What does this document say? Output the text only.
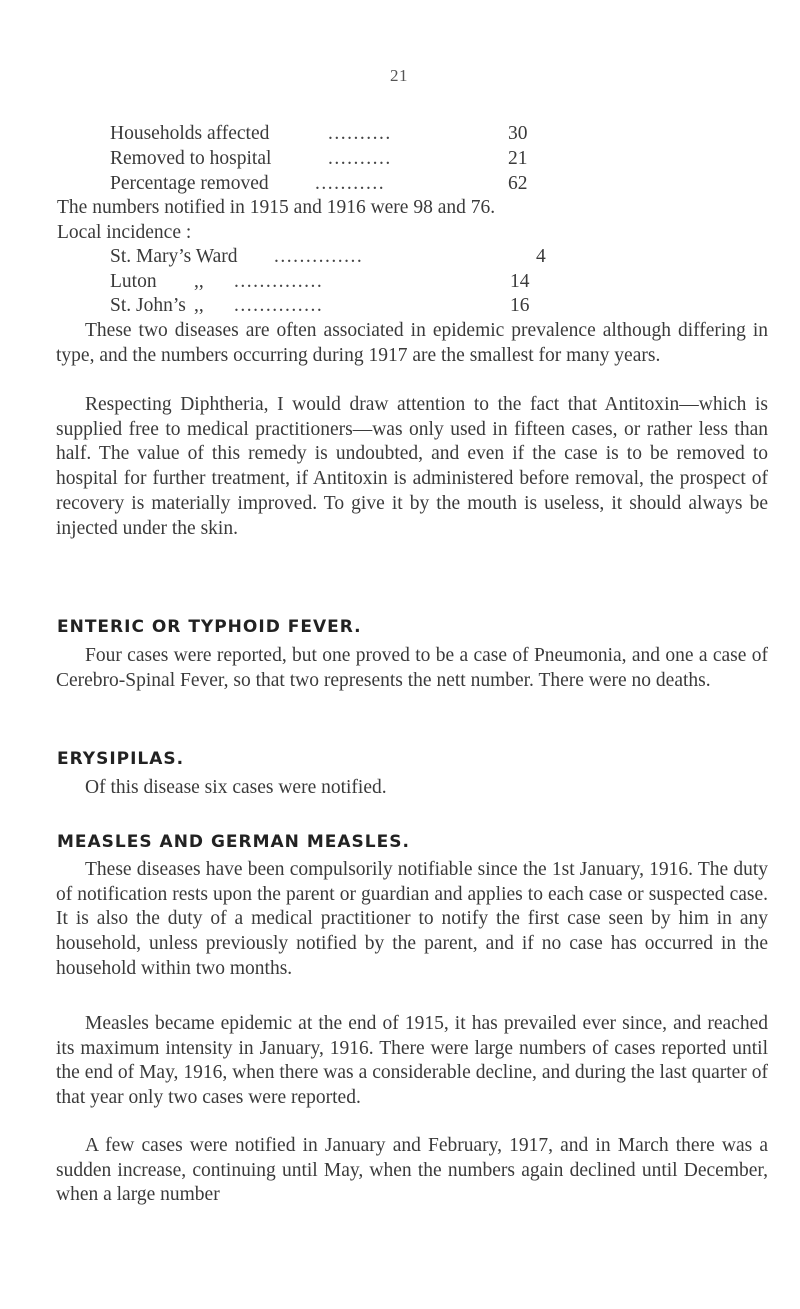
21
Households affected	..........	30
Removed to hospital	..........	21
Percentage removed ...........	62
The numbers notified in 1915 and 1916 were 98 and 76.
Local incidence :
St. Mary’s Ward ..............	4
Luton ,, ..............	14
St. John’s ,, ..............	16
These two diseases are often associated in epidemic prevalence although differing in type, and the numbers occurring during 1917 are the smallest for many years.
Respecting Diphtheria, I would draw attention to the fact that Antitoxin—which is supplied free to medical practitioners—was only used in fifteen cases, or rather less than half. The value of this remedy is undoubted, and even if the case is to be removed to hospital for further treatment, if Antitoxin is administered before removal, the prospect of recovery is materially improved. To give it by the mouth is useless, it should always be injected under the skin.
ENTERIC OR TYPHOID FEVER.
Four cases were reported, but one proved to be a case of Pneumonia, and one a case of Cerebro-Spinal Fever, so that two represents the nett number. There were no deaths.
ERYSIPILAS.
Of this disease six cases were notified.
MEASLES AND GERMAN MEASLES.
These diseases have been compulsorily notifiable since the 1st January, 1916. The duty of notification rests upon the parent or guardian and applies to each case or suspected case. It is also the duty of a medical practitioner to notify the first case seen by him in any household, unless previously notified by the parent, and if no case has occurred in the household within two months.
Measles became epidemic at the end of 1915, it has prevailed ever since, and reached its maximum intensity in January, 1916. There were large numbers of cases reported until the end of May, 1916, when there was a considerable decline, and during the last quarter of that year only two cases were reported.
A few cases were notified in January and February, 1917, and in March there was a sudden increase, continuing until May, when the numbers again declined until December, when a large number
